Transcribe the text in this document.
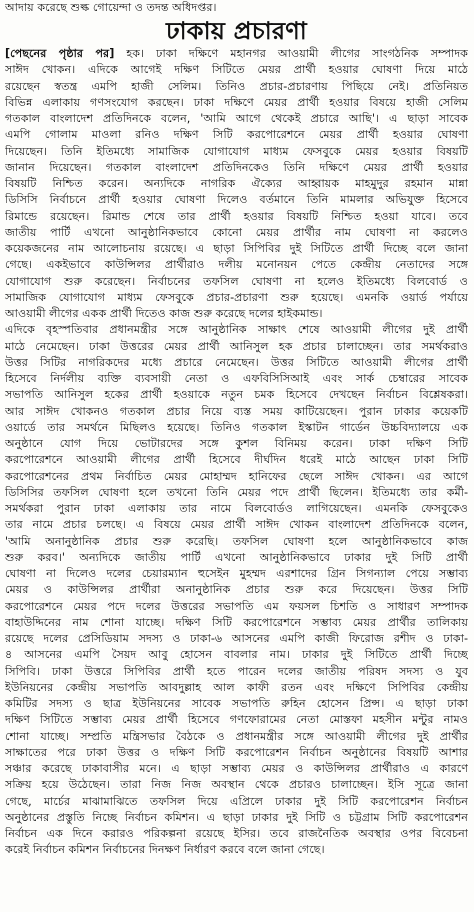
আদায় করেছে শুল্ক গোয়েন্দা ও তদন্ত অধিদপ্তর।
ঢাকায় প্রচারণা
[পেছনের পৃষ্ঠার পর] হক। ঢাকা দক্ষিণে মহানগর আওয়ামী লীগের সাংগঠনিক সম্পাদক
সাঈদ খোকন। এদিকে আগেই দক্ষিণ সিটিতে মেয়র প্রার্থী হওয়ার ঘোষণা দিয়ে মাঠে
রয়েছেন স্বতন্ত্র এমপি হাজী সেলিম। তিনিও প্রচার-প্রচারণায় পিছিয়ে নেই। প্রতিনিয়ত
বিভিন্ন এলাকায় গণসংযোগ করছেন। ঢাকা দক্ষিণে মেয়র প্রার্থী হওয়ার বিষয়ে হাজী সেলিম
গতকাল বাংলাদেশ প্রতিদিনকে বলেন, 'আমি আগে থেকেই প্রচারে আছি'। এ ছাড়া সাবেক
এমপি গোলাম মাওলা রনিও দক্ষিণ সিটি করপোরেশনে মেয়র প্রার্থী হওয়ার ঘোষণা
দিয়েছেন। তিনি ইতিমধ্যে সামাজিক যোগাযোগ মাধ্যম ফেসবুকে মেয়র হওয়ার বিষয়টি
জানান দিয়েছেন। গতকাল বাংলাদেশ প্রতিদিনকেও তিনি দক্ষিণে মেয়র প্রার্থী হওয়ার
বিষয়টি নিশ্চিত করেন। অন্যদিকে নাগরিক ঐক্যের আহ্বায়ক মাহমুদুর রহমান মান্না
ডিসিসি নির্বাচনে প্রার্থী হওয়ার ঘোষণা দিলেও বর্তমানে তিনি মামলার অভিযুক্ত হিসেবে
রিমান্ডে রয়েছেন। রিমান্ড শেষে তার প্রার্থী হওয়ার বিষয়টি নিশ্চিত হওয়া যাবে। তবে
জাতীয় পার্টি এখনো আনুষ্ঠানিকভাবে কোনো মেয়র প্রার্থীর নাম ঘোষণা না করলেও
কয়েকজনের নাম আলোচনায় রয়েছে। এ ছাড়া সিপিবির দুই সিটিতে প্রার্থী দিচ্ছে বলে জানা
গেছে। একইভাবে কাউন্সিলর প্রার্থীরাও দলীয় মনোনয়ন পেতে কেন্দ্রীয় নেতাদের সঙ্গে
যোগাযোগ শুরু করেছেন। নির্বাচনের তফসিল ঘোষণা না হলেও ইতিমধ্যে বিলবোর্ড ও
সামাজিক যোগাযোগ মাধ্যম ফেসবুকে প্রচার-প্রচারণা শুরু হয়েছে। এমনকি ওয়ার্ড পর্যায়ে
আওয়ামী লীগের একক প্রার্থী দিতেও কাজ শুরু করেছে দলের হাইকমান্ড।
এদিকে বৃহস্পতিবার প্রধানমন্ত্রীর সঙ্গে আনুষ্ঠানিক সাক্ষাৎ শেষে আওয়ামী লীগের দুই প্রার্থী
মাঠে নেমেছেন। ঢাকা উত্তরের মেয়র প্রার্থী আনিসুল হক প্রচার চালাচ্ছেন। তার সমর্থকরাও
উত্তর সিটির নাগরিকদের মধ্যে প্রচারে নেমেছেন। উত্তর সিটিতে আওয়ামী লীগের প্রার্থী
হিসেবে নির্দলীয় ব্যক্তি ব্যবসায়ী নেতা ও এফবিসিসিআই এবং সার্ক চেম্বারের সাবেক
সভাপতি আনিসুল হকের প্রার্থী হওয়াকে নতুন চমক হিসেবে দেখছেন নির্বাচন বিশ্লেষকরা।
আর সাঈদ খোকনও গতকাল প্রচার নিয়ে ব্যস্ত সময় কাটিয়েছেন। পুরান ঢাকার কয়েকটি
ওয়ার্ডে তার সমর্থনে মিছিলও হয়েছে। তিনিও গতকাল ইস্কাটন গার্ডেন উচ্চবিদ্যালয়ে এক
অনুষ্ঠানে যোগ দিয়ে ভোটারদের সঙ্গে কুশল বিনিময় করেন। ঢাকা দক্ষিণ সিটি
করপোরেশনে আওয়ামী লীগের প্রার্থী হিসেবে দীর্ঘদিন ধরেই মাঠে আছেন ঢাকা সিটি
করপোরেশনের প্রথম নির্বাচিত মেয়র মোহাম্মদ হানিফের ছেলে সাঈদ খোকন। এর আগে
ডিসিসির তফসিল ঘোষণা হলে তখনো তিনি মেয়র পদে প্রার্থী ছিলেন। ইতিমধ্যে তার কর্মী-
সমর্থকরা পুরান ঢাকা এলাকায় তার নামে বিলবোর্ডও লাগিয়েছেন। এমনকি ফেসবুকেও
তার নামে প্রচার চলছে। এ বিষয়ে মেয়র প্রার্থী সাঈদ খোকন বাংলাদেশ প্রতিদিনকে বলেন,
'আমি অনানুষ্ঠানিক প্রচার শুরু করেছি। তফসিল ঘোষণা হলে আনুষ্ঠানিকভাবে কাজ
শুরু করব।' অন্যদিকে জাতীয় পার্টি এখনো আনুষ্ঠানিকভাবে ঢাকার দুই সিটি প্রার্থী
ঘোষণা না দিলেও দলের চেয়ারম্যান হুসেইন মুহম্মদ এরশাদের গ্রিন সিগন্যাল পেয়ে সম্ভাব্য
মেয়র ও কাউন্সিলর প্রার্থীরা অনানুষ্ঠানিক প্রচার শুরু করে দিয়েছেন। উত্তর সিটি
করপোরেশনে মেয়র পদে দলের উত্তরের সভাপতি এম ফয়সল চিশতি ও সাধারণ সম্পাদক
বাহাউদ্দিনের নাম শোনা যাচ্ছে। দক্ষিণ সিটি করপোরেশনে সম্ভাব্য মেয়র প্রার্থীর তালিকায়
রয়েছে দলের প্রেসিডিয়াম সদস্য ও ঢাকা-৬ আসনের এমপি কাজী ফিরোজ রশীদ ও ঢাকা-
৪ আসনের এমপি সৈয়দ আবু হোসেন বাবলার নাম। ঢাকার দুই সিটিতে প্রার্থী দিচ্ছে
সিপিবি। ঢাকা উত্তরে সিপিবির প্রার্থী হতে পারেন দলের জাতীয় পরিষদ সদস্য ও যুব
ইউনিয়নের কেন্দ্রীয় সভাপতি আবদুল্লাহ আল কাফী রতন এবং দক্ষিণে সিপিবির কেন্দ্রীয়
কমিটির সদস্য ও ছাত্র ইউনিয়নের সাবেক সভাপতি রুহিন হোসেন প্রিন্স। এ ছাড়া ঢাকা
দক্ষিণ সিটিতে সম্ভাব্য মেয়র প্রার্থী হিসেবে গণফোরামের নেতা মোস্তফা মহসীন মন্টুর নামও
শোনা যাচ্ছে। সম্প্রতি মন্ত্রিসভার বৈঠকে ও প্রধানমন্ত্রীর সঙ্গে আওয়ামী লীগের দুই প্রার্থীর
সাক্ষাতের পরে ঢাকা উত্তর ও দক্ষিণ সিটি করপোরেশন নির্বাচন অনুষ্ঠানের বিষয়টি আশার
সঞ্চার করেছে ঢাকাবাসীর মনে। এ ছাড়া সম্ভাব্য মেয়র ও কাউন্সিলর প্রার্থীরাও এ কারণে
সক্রিয় হয়ে উঠেছেন। তারা নিজ নিজ অবস্থান থেকে প্রচারও চালাচ্ছেন। ইসি সূত্রে জানা
গেছে, মার্চের মাঝামাঝিতে তফসিল দিয়ে এপ্রিলে ঢাকার দুই সিটি করপোরেশন নির্বাচন
অনুষ্ঠানের প্রস্তুতি নিচ্ছে নির্বাচন কমিশন। এ ছাড়া ঢাকার দুই সিটি ও চট্টগ্রাম সিটি করপোরেশন
নির্বাচন এক দিনে করারও পরিকল্পনা রয়েছে ইসির। তবে রাজনৈতিক অবস্থার ওপর বিবেচনা
করেই নির্বাচন কমিশন নির্বাচনের দিনক্ষণ নির্ধারণ করবে বলে জানা গেছে।
